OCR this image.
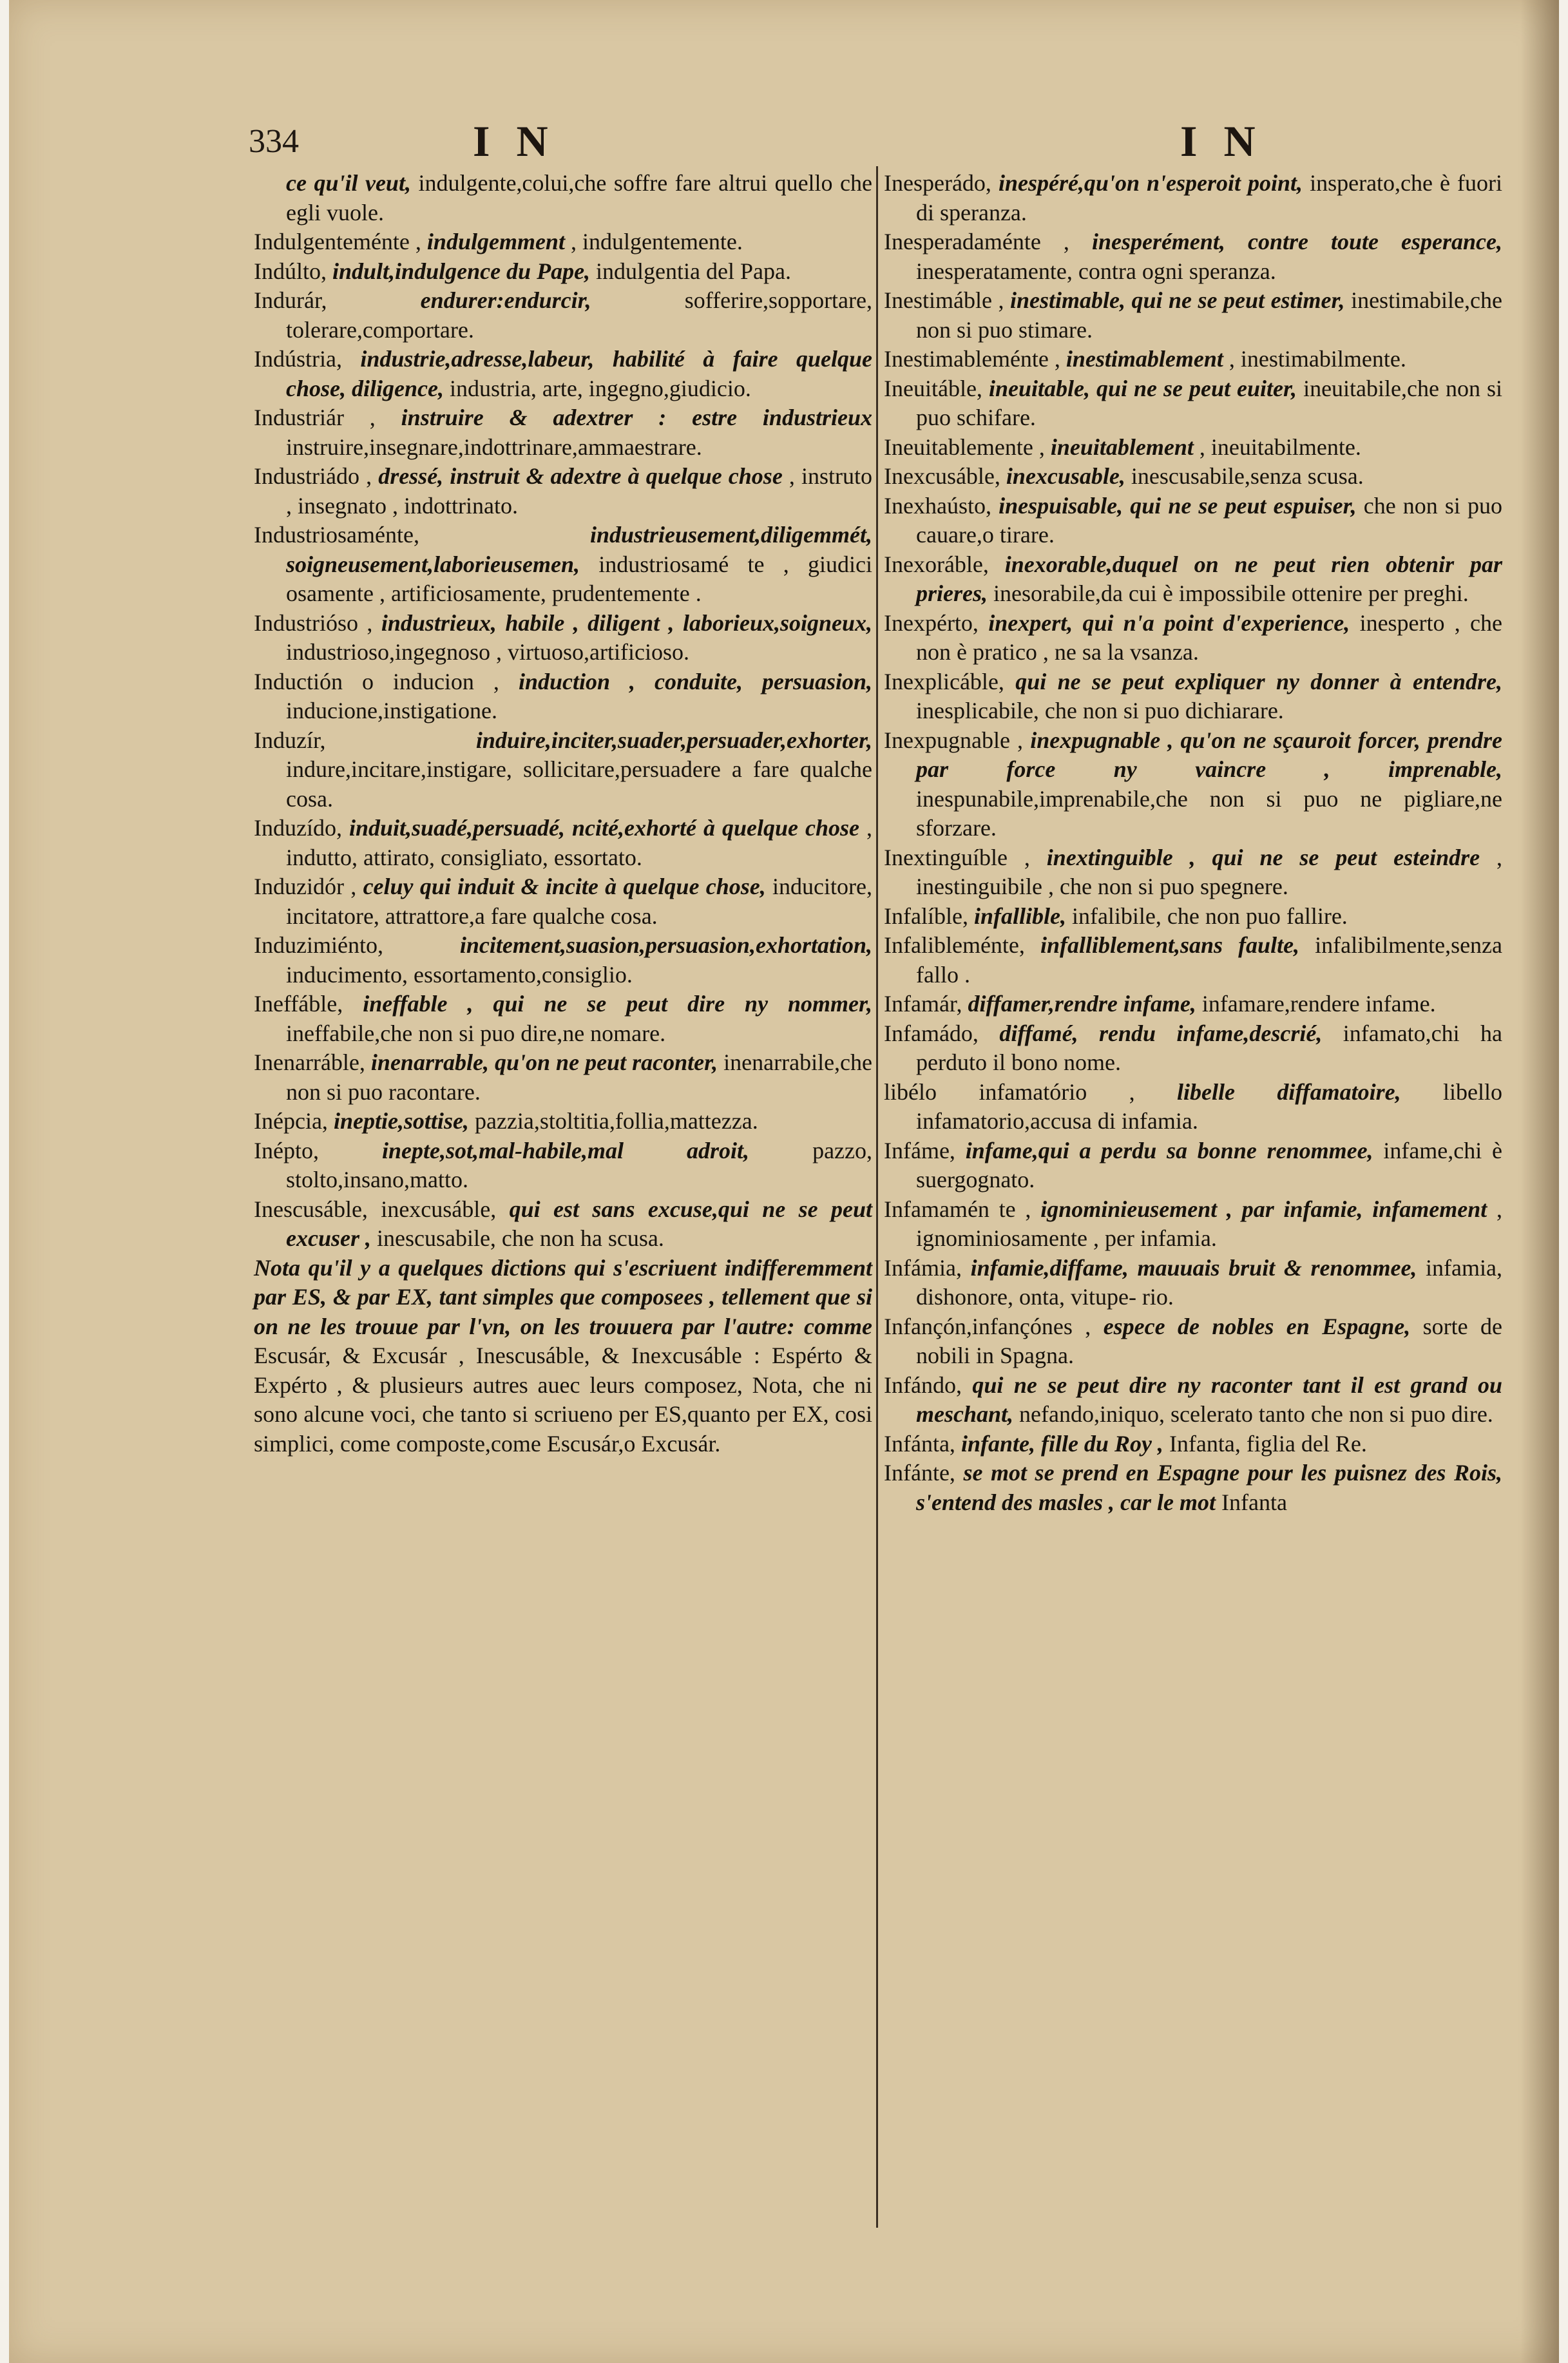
334	I N	I N

ce qu'il veut, indulgente,colui,che soffre fare altrui quello che egli vuole.

Indulgenteménte , indulgemment , indulgentemente.

Indúlto, indult,indulgence du Pape, indulgentia del Papa.

Indurár,	endurer:endurcir,	sofferire,sopportare, tolerare,comportare.

Indústria, industrie,adresse,labeur, habilité à faire quelque chose, diligence, industria, arte, ingegno,giudicio.

Industriár , instruire & adextrer : estre industrieux instruire,insegnare,indottrinare,ammaestrare.

Industriádo , dressé, instruit & adextre à quelque chose , instruto , insegnato , indottrinato.

Industriosaménte,	industrieusement,diligemmét, soigneusement,laborieusemen, industriosamé te , giudici osamente , artificiosamente, prudentemente .

Industrióso , industrieux, habile , diligent , laborieux,soigneux, industrioso,ingegnoso , virtuoso,artificioso.

Inductión o inducion , induction , conduite, persuasion, inducione,instigatione.

Induzír,	induire,inciter,suader,persuader,exhorter, indure,incitare,instigare, sollicitare,persuadere a fare qualche cosa.

Induzído, induit,suadé,persuadé, ncité,exhorté à quelque chose , indutto, attirato, consigliato, essortato.

Induzidór , celuy qui induit & incite à quelque chose, inducitore, incitatore, attrattore,a fare qualche cosa.

Induzimiénto,	incitement,suasion,persuasion,exhortation, inducimento, essortamento,consiglio.

Ineffáble, ineffable , qui ne se peut dire ny nommer, ineffabile,che non si puo dire,ne nomare.

Inenarráble, inenarrable, qu'on ne peut raconter, inenarrabile,che non si puo racontare.

Inépcia, ineptie,sottise, pazzia,stoltitia,follia,mattezza.

Inépto,	inepte,sot,mal-habile,mal adroit,	pazzo, stolto,insano,matto.

Inescusáble, inexcusáble, qui est sans excuse,qui ne se peut excuser , inescusabile, che non ha scusa.

Nota qu'il y a quelques dictions qui s'escriuent indifferemment par ES, & par EX, tant simples que composees , tellement que si on ne les trouue par l'vn, on les trouuera par l'autre: comme Escusár, & Excusár , Inescusáble, & Inexcusáble : Espérto & Expérto , & plusieurs autres auec leurs composez, Nota, che ni sono alcune voci, che tanto si scriueno per ES,quanto per EX, cosi simplici, come composte,come Escusár,o Excusár.

Inesperádo, inespéré,qu'on n'esperoit point, insperato,che è fuori di speranza.

Inesperadaménte , inesperément, contre toute esperance, inesperatamente, contra ogni speranza.

Inestimáble , inestimable, qui ne se peut estimer, inestimabile,che non si puo stimare.

Inestimableménte , inestimablement , inestimabilmente.

Ineuitáble, ineuitable, qui ne se peut euiter, ineuitabile,che non si puo schifare.

Ineuitablemente , ineuitablement , ineuitabilmente.

Inexcusáble, inexcusable, inescusabile,senza scusa.

Inexhaústo, inespuisable, qui ne se peut espuiser, che non si puo cauare,o tirare.

Inexoráble, inexorable,duquel on ne peut rien obtenir par prieres, inesorabile,da cui è impossibile ottenire per preghi.

Inexpérto, inexpert, qui n'a point d'experience, inesperto , che non è pratico , ne sa la vsanza.

Inexplicáble, qui ne se peut expliquer ny donner à entendre, inesplicabile, che non si puo dichiarare.

Inexpugnable , inexpugnable , qu'on ne sçauroit forcer, prendre par force ny vaincre , imprenable, inespunabile,imprenabile,che non si puo ne pigliare,ne sforzare.

Inextinguíble , inextinguible , qui ne se peut esteindre , inestinguibile , che non si puo spegnere.

Infalíble, infallible, infalibile, che non puo fallire.

Infalibleménte, infalliblement,sans faulte, infalibilmente,senza fallo .

Infamár, diffamer,rendre infame, infamare,rendere infame.

Infamádo, diffamé, rendu infame,descrié, infamato,chi ha perduto il bono nome.

libélo infamatório , libelle diffamatoire, libello infamatorio,accusa di infamia.

Infáme, infame,qui a perdu sa bonne renommee, infame,chi è suergognato.

Infamamén te , ignominieusement , par infamie, infamement , ignominiosamente , per infamia.

Infámia, infamie,diffame, mauuais bruit & renommee, infamia, dishonore, onta, vitupe- rio.

Infançón,infançónes , espece de nobles en Espagne, sorte de nobili in Spagna.

Infándo, qui ne se peut dire ny raconter tant il est grand ou meschant, nefando,iniquo, scelerato tanto che non si puo dire.

Infánta, infante, fille du Roy , Infanta, figlia del Re.

Infánte, se mot se prend en Espagne pour les puisnez des Rois, s'entend des masles , car le mot Infanta
